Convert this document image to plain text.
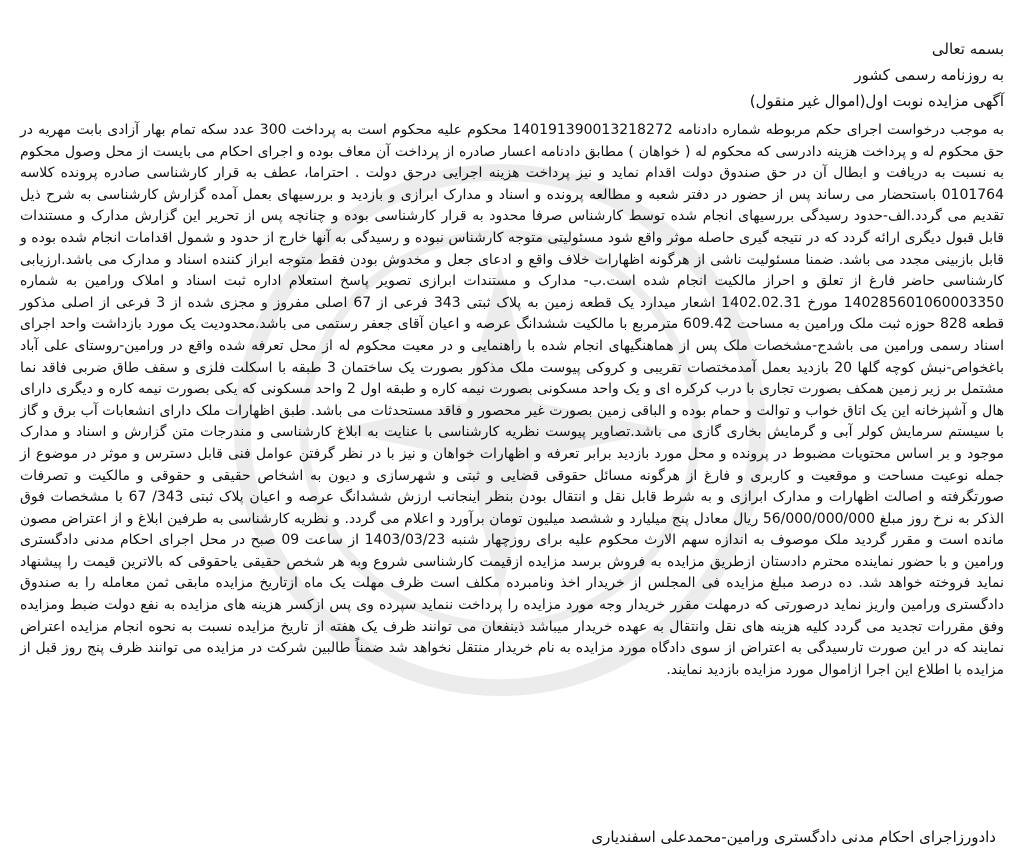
بسمه تعالی

به روزنامه رسمی کشور

آگهی مزایده نوبت اول(اموال غیر منقول)

به موجب درخواست اجرای حکم مربوطه شماره دادنامه 140191390013218272 محکوم علیه محکوم است به پرداخت 300 عدد سکه تمام بهار آزادی بابت مهریه در حق محکوم له و پرداخت هزینه دادرسی که محکوم له ( خواهان ) مطابق دادنامه اعسار صادره از پرداخت آن معاف بوده و اجرای احکام می بایست از محل وصول محکوم به نسبت به دریافت و ابطال آن در حق صندوق دولت اقدام نماید و نیز پرداخت هزینه اجرایی درحق دولت . احتراما، عطف به قرار کارشناسی صادره پرونده کلاسه 0101764 باستحضار می رساند پس از حضور در دفتر شعبه و مطالعه پرونده و اسناد و مدارک ابرازی و بازدید و بررسیهای بعمل آمده گزارش کارشناسی به شرح ذیل تقدیم می گردد.الف-حدود رسیدگی بررسیهای انجام شده توسط کارشناس صرفا محدود به قرار کارشناسی بوده و چنانچه پس از تحریر این گزارش مدارک و مستندات قابل قبول دیگری ارائه گردد که در نتیجه گیری حاصله موثر واقع شود مسئولیتی متوجه کارشناس نبوده و رسیدگی به آنها خارج از حدود و شمول اقدامات انجام شده بوده و قابل بازبینی مجدد می باشد. ضمنا مسئولیت ناشی از هرگونه اظهارات خلاف واقع و ادعای جعل و مخدوش بودن فقط متوجه ابراز کننده اسناد و مدارک می باشد.ارزیابی کارشناسی حاضر فارغ از تعلق و احراز مالکیت انجام شده است.ب- مدارک و مستندات ابرازی تصویر پاسخ استعلام اداره ثبت اسناد و املاک ورامین به شماره 140285601060003350 مورخ 1402.02.31 اشعار میدارد یک قطعه زمین به پلاک ثبتی 343 فرعی از 67 اصلی مفروز و مجزی شده از 3 فرعی از اصلی مذکور قطعه 828 حوزه ثبت ملک ورامین به مساحت 609.42 مترمربع با مالکیت ششدانگ عرصه و اعیان آقای جعفر رستمی می باشد.محدودیت یک مورد بازداشت واحد اجرای اسناد رسمی ورامین می باشدج-مشخصات ملک پس از هماهنگیهای انجام شده با راهنمایی و در معیت محکوم له از محل تعرفه شده واقع در ورامین-روستای علی آباد باغخواص-نبش کوچه گلها 20 بازدید بعمل آمدمختصات تقریبی و کروکی پیوست ملک مذکور بصورت یک ساختمان 3 طبقه با اسکلت فلزی و سقف طاق ضربی فاقد نما مشتمل بر زیر زمین همکف بصورت تجاری با درب کرکره ای و یک واحد مسکونی بصورت نیمه کاره و طبقه اول 2 واحد مسکونی که یکی بصورت نیمه کاره و دیگری دارای هال و آشپزخانه این یک اتاق خواب و توالت و حمام بوده و الباقی زمین بصورت غیر محصور و فاقد مستحدثات می باشد. طبق اظهارات ملک دارای انشعابات آب برق و گاز با سیستم سرمایش کولر آبی و گرمایش بخاری گازی می باشد.تصاویر پیوست نظریه کارشناسی با عنایت به ابلاغ کارشناسی و مندرجات متن گزارش و اسناد و مدارک موجود و بر اساس محتویات مضبوط در پرونده و محل مورد بازدید برابر تعرفه و اظهارات خواهان و نیز با در نظر گرفتن عوامل فنی قابل دسترس و موثر در موضوع از جمله نوعیت مساحت و موقعیت و کاربری و فارغ از هرگونه مسائل حقوقی قضایی و ثبتی و شهرسازی و دیون به اشخاص حقیقی و حقوقی و مالکیت و تصرفات صورتگرفته و اصالت اظهارات و مدارک ابرازی و به شرط قابل نقل و انتقال بودن بنظر اینجانب ارزش ششدانگ عرصه و اعیان پلاک ثبتی 343/ 67 با مشخصات فوق الذکر به نرخ روز مبلغ 56/000/000/000 ریال معادل پنج میلیارد و ششصد میلیون تومان برآورد و اعلام می گردد. و نظریه کارشناسی به طرفین ابلاغ و از اعتراض مصون مانده است و مقرر گردید ملک موصوف به اندازه سهم الارث محکوم علیه برای روزچهار شنبه 1403/03/23 از ساعت 09 صبح در محل اجرای احکام مدنی دادگستری ورامین و با حضور نماینده محترم دادستان ازطریق مزایده به فروش برسد مزایده ازقیمت کارشناسی شروع وبه هر شخص حقیقی یاحقوقی که بالاترین قیمت را پیشنهاد نماید فروخته خواهد شد. ده درصد مبلغ مزایده فی المجلس از خریدار اخذ ونامبرده مکلف است ظرف مهلت یک ماه ازتاریخ مزایده مابقی ثمن معامله را به صندوق دادگستری ورامین واریز نماید درصورتی که درمهلت مقرر خریدار وجه مورد مزایده را پرداخت ننماید سپرده وی پس ازکسر هزینه های مزایده به نفع دولت ضبط ومزایده وفق مقررات تجدید می گردد کلیه هزینه های نقل وانتقال به عهده خریدار میباشد ذینفعان می توانند ظرف یک هفته از تاریخ مزایده نسبت به نحوه انجام مزایده اعتراض نمایند که در این صورت تارسیدگی به اعتراض از سوی دادگاه مورد مزایده به نام خریدار منتقل نخواهد شد ضمناً طالبین شرکت در مزایده می توانند ظرف پنج روز قبل از مزایده با اطلاع این اجرا ازاموال مورد مزایده بازدید نمایند.
دادورزاجرای احکام مدنی دادگستری ورامین-محمدعلی اسفندیاری
